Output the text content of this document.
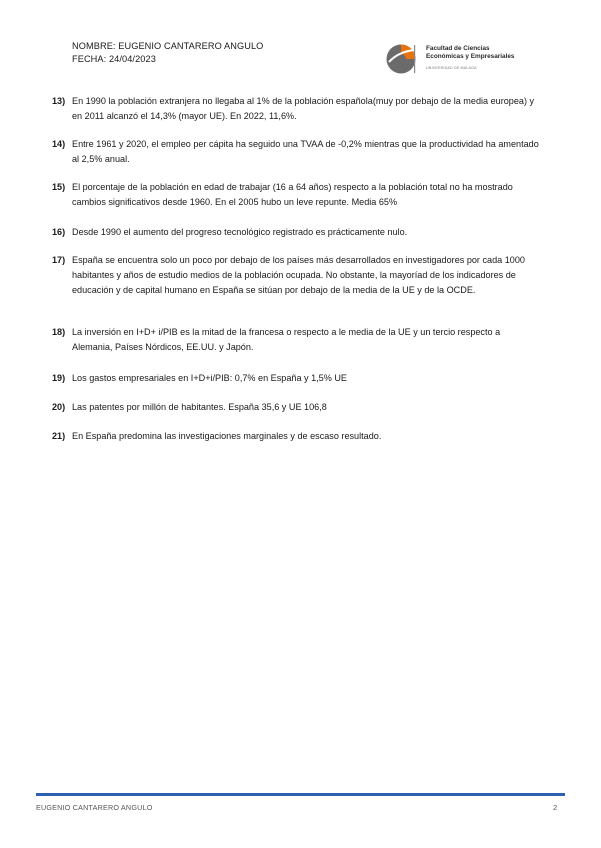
NOMBRE: EUGENIO CANTARERO ANGULO
FECHA: 24/04/2023
Facultad de Ciencias
Económicas y Empresariales
UNIVERSIDAD DE MÁLAGA
13) En 1990 la población extranjera no llegaba al 1% de la población española(muy por debajo de la media europea) y en 2011 alcanzó el 14,3% (mayor UE). En 2022, 11,6%.
14) Entre 1961 y 2020, el empleo per cápita ha seguido una TVAA de -0,2% mientras que la productividad ha amentado al 2,5% anual.
15) El porcentaje de la población en edad de trabajar (16 a 64 años) respecto a la población total no ha mostrado cambios significativos desde 1960. En el 2005 hubo un leve repunte. Media 65%
16) Desde 1990 el aumento del progreso tecnológico registrado es prácticamente nulo.
17) España se encuentra solo un poco por debajo de los países más desarrollados en investigadores por cada 1000 habitantes y años de estudio medios de la población ocupada. No obstante, la mayoríad de los indicadores de educación y de capital humano en España se sitúan por debajo de la media de la UE y de la OCDE.
18) La inversión en I+D+ i/PIB es la mitad de la francesa o respecto a le media de la UE y un tercio respecto a Alemania, Países Nórdicos, EE.UU. y Japón.
19) Los gastos empresariales en I+D+i/PIB: 0,7% en España y 1,5% UE
20) Las patentes por millón de habitantes. España 35,6 y UE 106,8
21) En España predomina las investigaciones marginales y de escaso resultado.
EUGENIO CANTARERO ANGULO	2
